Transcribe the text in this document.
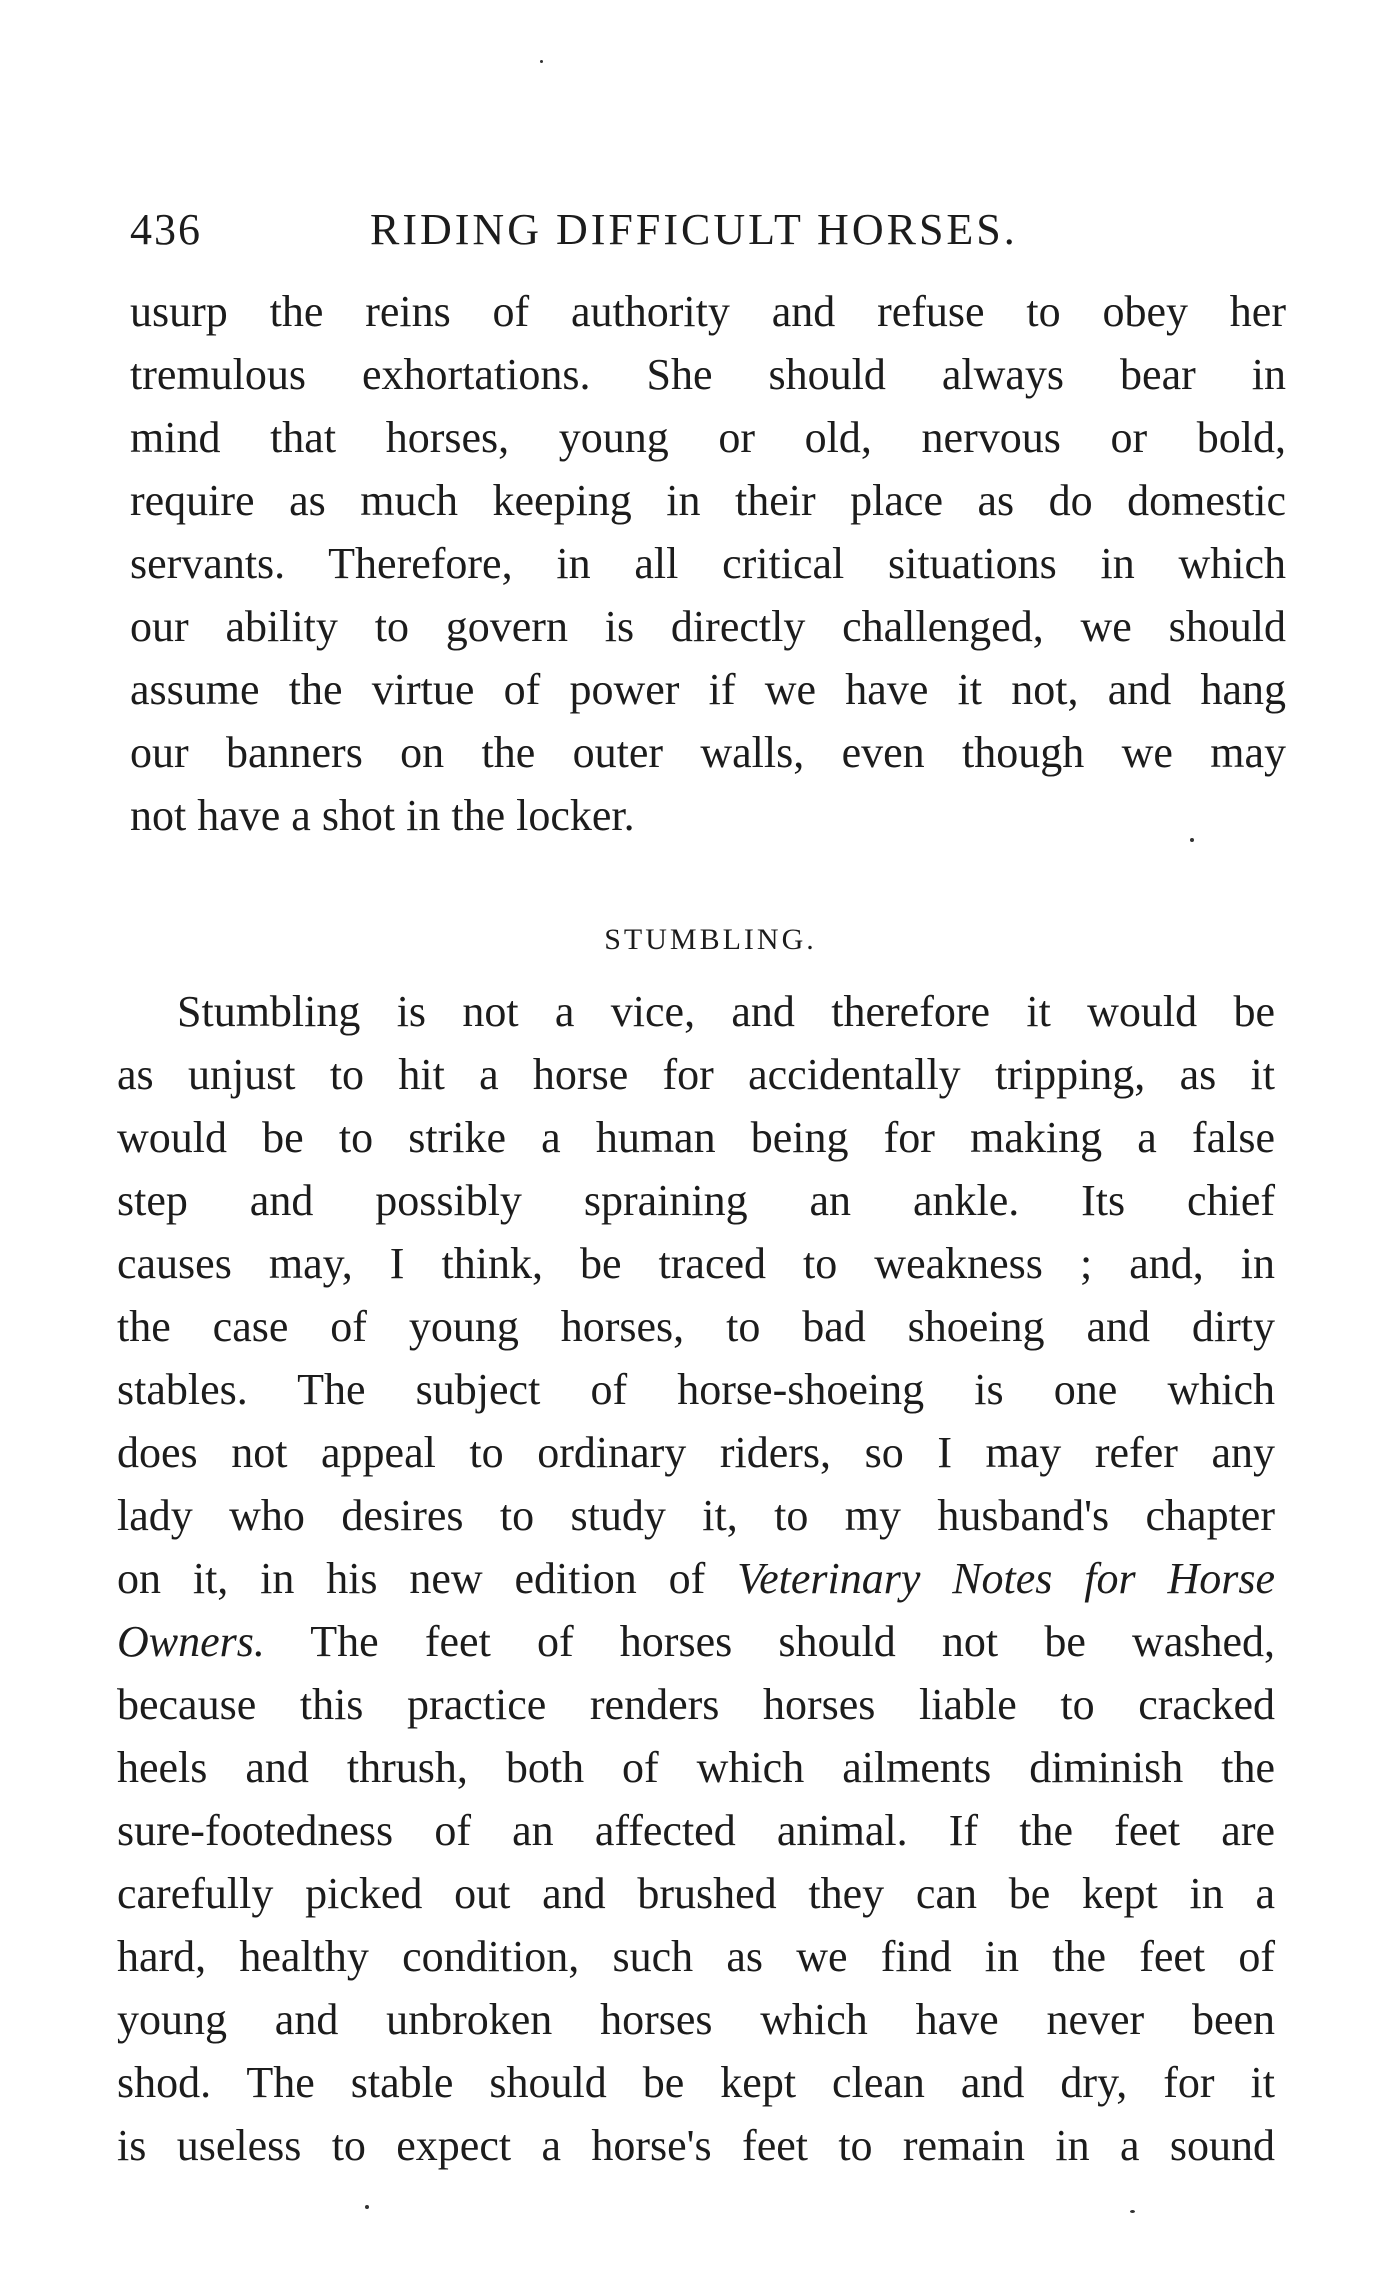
436	RIDING DIFFICULT HORSES.
usurp the reins of authority and refuse to obey her
tremulous exhortations. She should always bear in
mind that horses, young or old, nervous or bold,
require as much keeping in their place as do domestic
servants. Therefore, in all critical situations in which
our ability to govern is directly challenged, we should
assume the virtue of power if we have it not, and hang
our banners on the outer walls, even though we may
not have a shot in the locker.
STUMBLING.
Stumbling is not a vice, and therefore it would be
as unjust to hit a horse for accidentally tripping, as it
would be to strike a human being for making a false
step and possibly spraining an ankle. Its chief
causes may, I think, be traced to weakness ; and, in
the case of young horses, to bad shoeing and dirty
stables. The subject of horse-shoeing is one which
does not appeal to ordinary riders, so I may refer any
lady who desires to study it, to my husband's chapter
on it, in his new edition of Veterinary Notes for Horse
Owners. The feet of horses should not be washed,
because this practice renders horses liable to cracked
heels and thrush, both of which ailments diminish the
sure-footedness of an affected animal. If the feet are
carefully picked out and brushed they can be kept in a
hard, healthy condition, such as we find in the feet of
young and unbroken horses which have never been
shod. The stable should be kept clean and dry, for it
is useless to expect a horse's feet to remain in a sound
